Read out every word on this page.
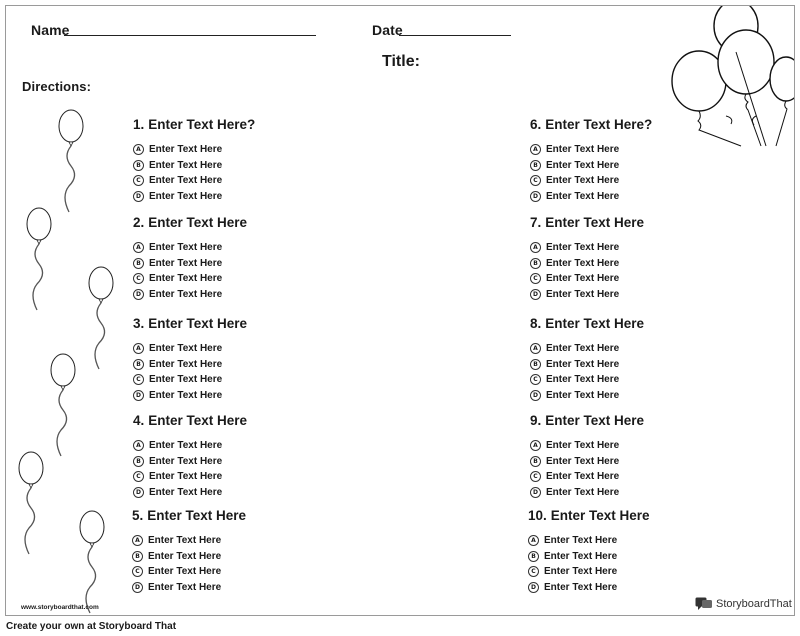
Name	Date
Title:
Directions:
1. Enter Text Here?
A Enter Text Here
B Enter Text Here
C Enter Text Here
D Enter Text Here
2. Enter Text Here
A Enter Text Here
B Enter Text Here
C Enter Text Here
D Enter Text Here
3. Enter Text Here
A Enter Text Here
B Enter Text Here
C Enter Text Here
D Enter Text Here
4. Enter Text Here
A Enter Text Here
B Enter Text Here
C Enter Text Here
D Enter Text Here
5. Enter Text Here
A Enter Text Here
B Enter Text Here
C Enter Text Here
D Enter Text Here
6. Enter Text Here?
A Enter Text Here
B Enter Text Here
C Enter Text Here
D Enter Text Here
7. Enter Text Here
A Enter Text Here
B Enter Text Here
C Enter Text Here
D Enter Text Here
8. Enter Text Here
A Enter Text Here
B Enter Text Here
C Enter Text Here
D Enter Text Here
9. Enter Text Here
A Enter Text Here
B Enter Text Here
C Enter Text Here
D Enter Text Here
10. Enter Text Here
A Enter Text Here
B Enter Text Here
C Enter Text Here
D Enter Text Here
www.storyboardthat.com	StoryboardThat
Create your own at Storyboard That
